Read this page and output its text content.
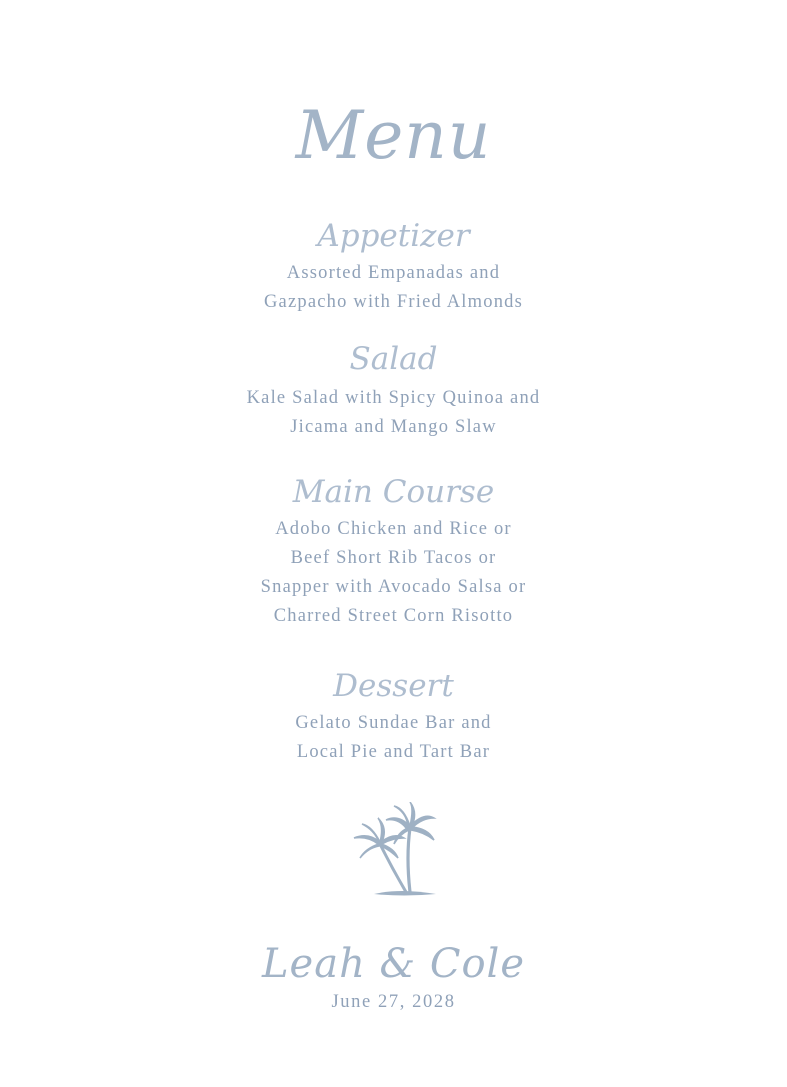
Menu
Appetizer
Assorted Empanadas and
Gazpacho with Fried Almonds
Salad
Kale Salad with Spicy Quinoa and
Jicama and Mango Slaw
Main Course
Adobo Chicken and Rice or
Beef Short Rib Tacos or
Snapper with Avocado Salsa or
Charred Street Corn Risotto
Dessert
Gelato Sundae Bar and
Local Pie and Tart Bar
Leah & Cole
June 27, 2028
